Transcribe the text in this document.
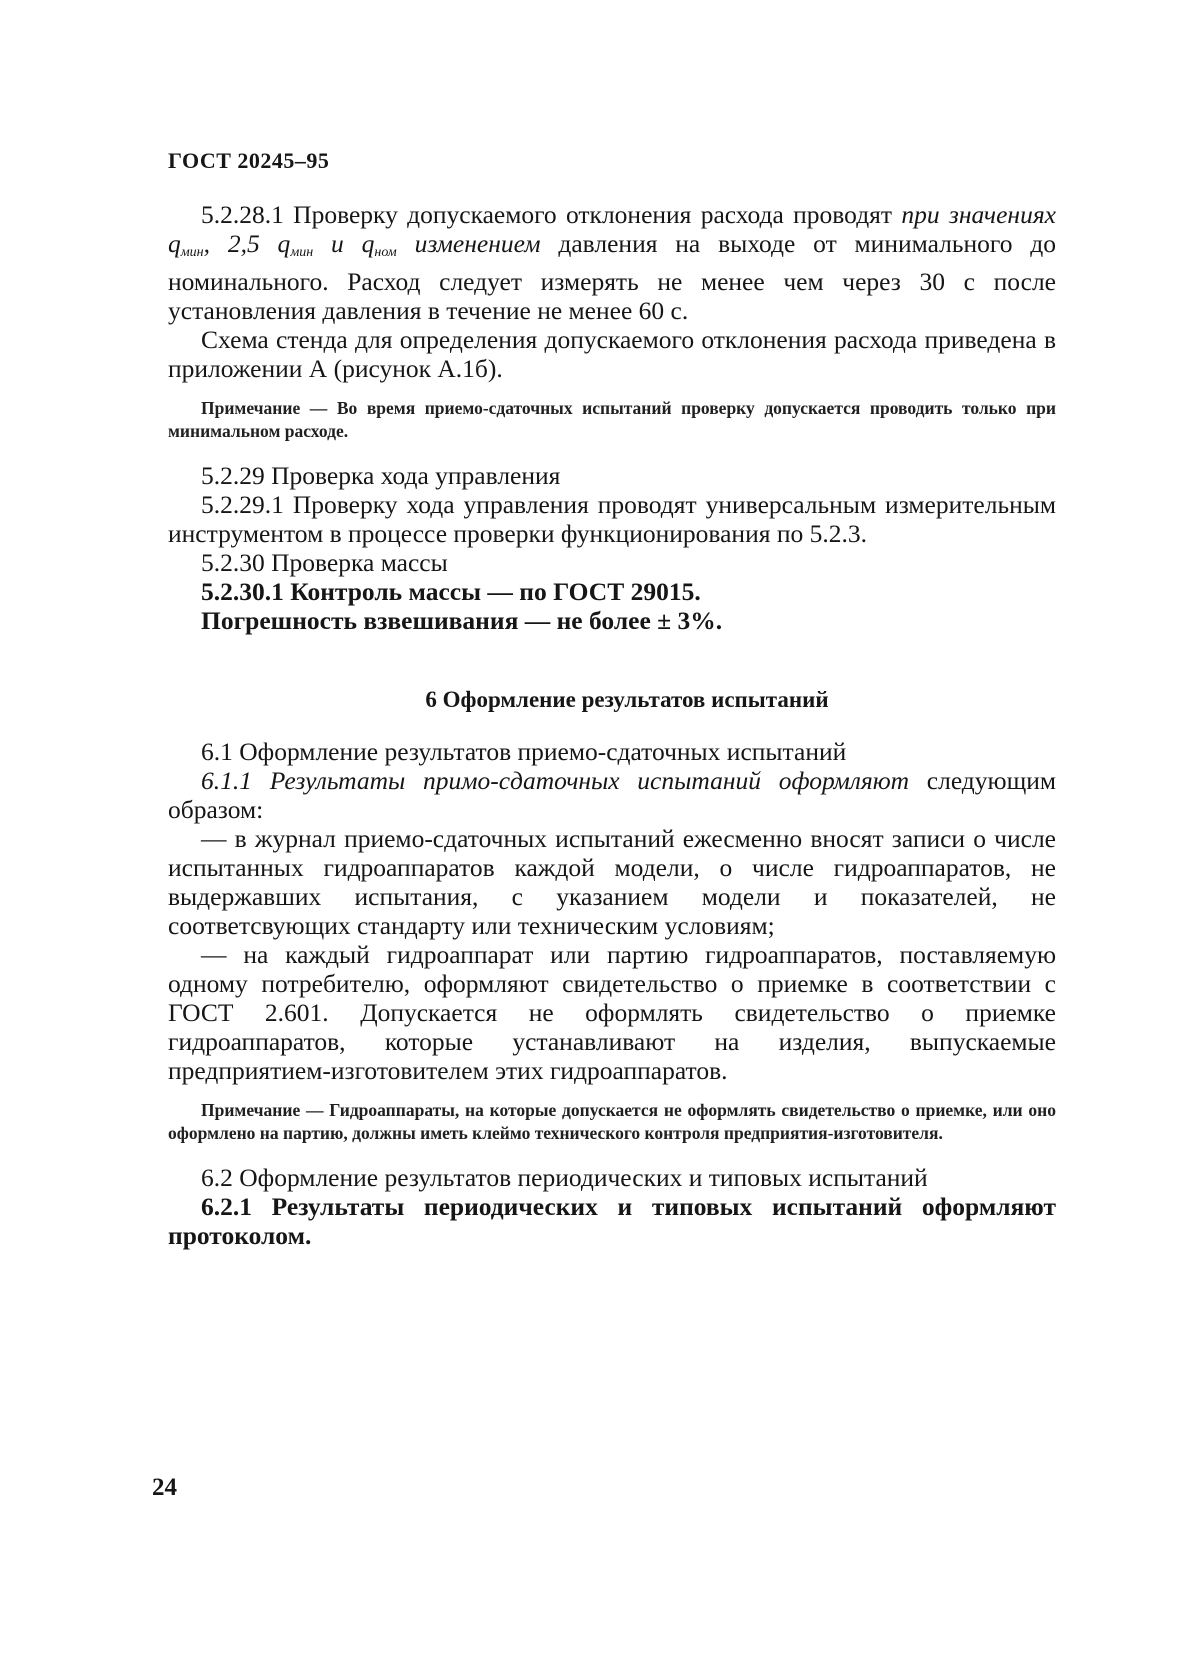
ГОСТ 20245–95

5.2.28.1 Проверку допускаемого отклонения расхода проводят при значениях $q_{мин}$, 2,5 $q_{мин}$ и $q_{ном}$ изменением давления на выходе от минимального до номинального. Расход следует измерять не менее чем через 30 с после установления давления в течение не менее 60 с.

Схема стенда для определения допускаемого отклонения расхода приведена в приложении А (рисунок А.1б).

Примечание — Во время приемо-сдаточных испытаний проверку допускается проводить только при минимальном расходе.

5.2.29 Проверка хода управления

5.2.29.1 Проверку хода управления проводят универсальным измерительным инструментом в процессе проверки функционирования по 5.2.3.

5.2.30 Проверка массы

5.2.30.1 Контроль массы — по ГОСТ 29015.

Погрешность взвешивания — не более ± 3%.

6 Оформление результатов испытаний

6.1 Оформление результатов приемо-сдаточных испытаний

6.1.1 Результаты примо-сдаточных испытаний оформляют следующим образом:

— в журнал приемо-сдаточных испытаний ежесменно вносят записи о числе испытанных гидроаппаратов каждой модели, о числе гидроаппаратов, не выдержавших испытания, с указанием модели и показателей, не соответсвующих стандарту или техническим условиям;

— на каждый гидроаппарат или партию гидроаппаратов, поставляемую одному потребителю, оформляют свидетельство о приемке в соответствии с ГОСТ 2.601. Допускается не оформлять свидетельство о приемке гидроаппаратов, которые устанавливают на изделия, выпускаемые предприятием-изготовителем этих гидроаппаратов.

Примечание — Гидроаппараты, на которые допускается не оформлять свидетельство о приемке, или оно оформлено на партию, должны иметь клеймо технического контроля предприятия-изготовителя.

6.2 Оформление результатов периодических и типовых испытаний

6.2.1 Результаты периодических и типовых испытаний оформляют протоколом.

24
